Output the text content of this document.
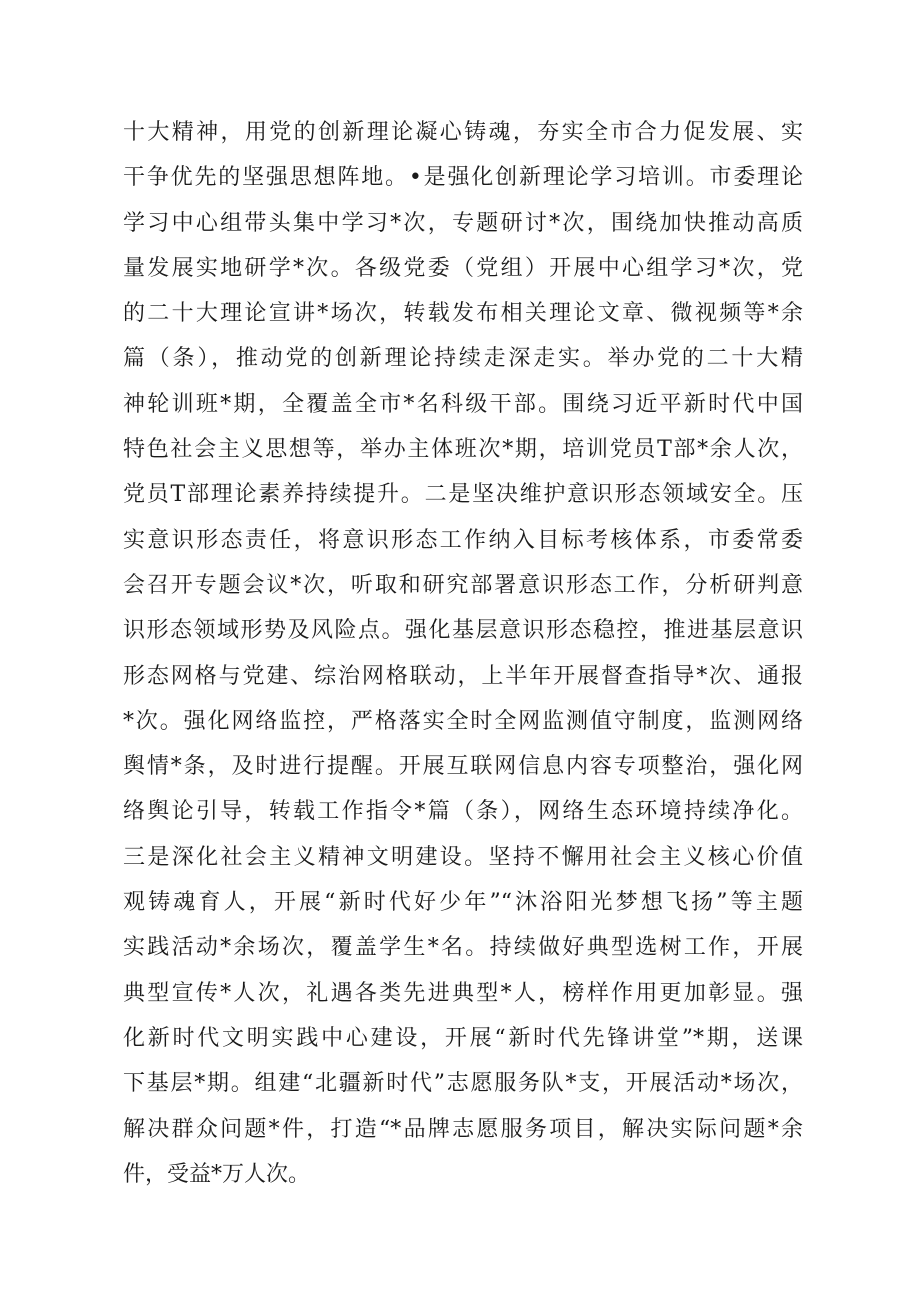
十大精神，用党的创新理论凝心铸魂，夯实全市合力促发展、实
干争优先的坚强思想阵地。•是强化创新理论学习培训。市委理论
学习中心组带头集中学习*次，专题研讨*次，围绕加快推动高质
量发展实地研学*次。各级党委（党组）开展中心组学习*次，党
的二十大理论宣讲*场次，转载发布相关理论文章、微视频等*余
篇（条），推动党的创新理论持续走深走实。举办党的二十大精
神轮训班*期，全覆盖全市*名科级干部。围绕习近平新时代中国
特色社会主义思想等，举办主体班次*期，培训党员T部*余人次，
党员T部理论素养持续提升。二是坚决维护意识形态领域安全。压
实意识形态责任，将意识形态工作纳入目标考核体系，市委常委
会召开专题会议*次，听取和研究部署意识形态工作，分析研判意
识形态领域形势及风险点。强化基层意识形态稳控，推进基层意识
形态网格与党建、综治网格联动，上半年开展督查指导*次、通报
*次。强化网络监控，严格落实全时全网监测值守制度，监测网络
舆情*条，及时进行提醒。开展互联网信息内容专项整治，强化网
络舆论引导，转载工作指令*篇（条），网络生态环境持续净化。
三是深化社会主义精神文明建设。坚持不懈用社会主义核心价值
观铸魂育人，开展“新时代好少年”“沐浴阳光梦想飞扬”等主题
实践活动*余场次，覆盖学生*名。持续做好典型选树工作，开展
典型宣传*人次，礼遇各类先进典型*人，榜样作用更加彰显。强
化新时代文明实践中心建设，开展“新时代先锋讲堂”*期，送课
下基层*期。组建“北疆新时代”志愿服务队*支，开展活动*场次，
解决群众问题*件，打造“*品牌志愿服务项目，解决实际问题*余
件，受益*万人次。
